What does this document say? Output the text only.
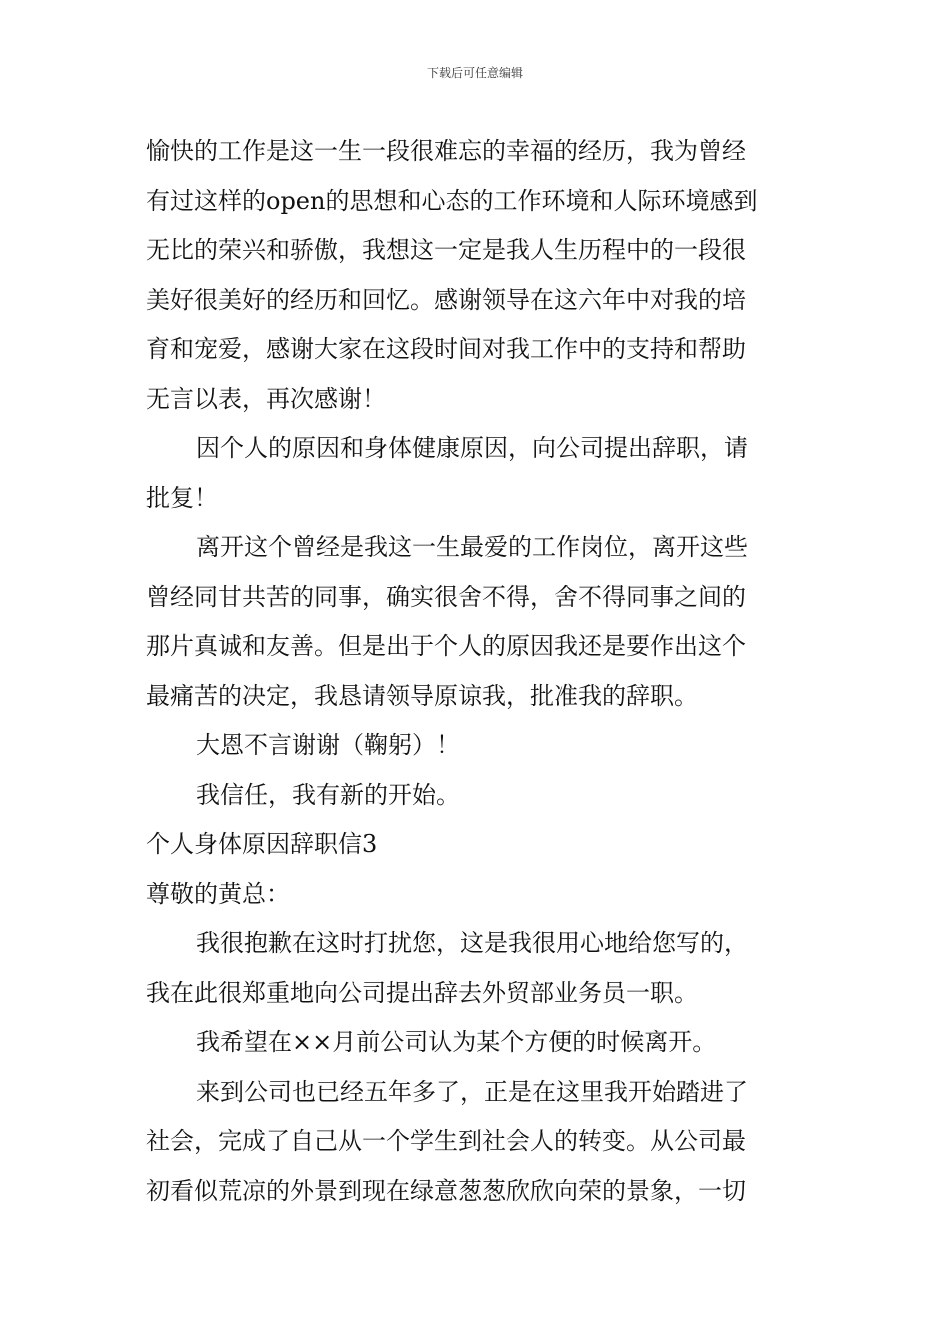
下载后可任意编辑

愉快的工作是这一生一段很难忘的幸福的经历，我为曾经
有过这样的open的思想和心态的工作环境和人际环境感到
无比的荣兴和骄傲，我想这一定是我人生历程中的一段很
美好很美好的经历和回忆。感谢领导在这六年中对我的培
育和宠爱，感谢大家在这段时间对我工作中的支持和帮助
无言以表，再次感谢！

因个人的原因和身体健康原因，向公司提出辞职，请
批复！

离开这个曾经是我这一生最爱的工作岗位，离开这些
曾经同甘共苦的同事，确实很舍不得，舍不得同事之间的
那片真诚和友善。但是出于个人的原因我还是要作出这个
最痛苦的决定，我恳请领导原谅我，批准我的辞职。

大恩不言谢谢（鞠躬）！

我信任，我有新的开始。

个人身体原因辞职信3

尊敬的黄总：

我很抱歉在这时打扰您，这是我很用心地给您写的，
我在此很郑重地向公司提出辞去外贸部业务员一职。

我希望在××月前公司认为某个方便的时候离开。

来到公司也已经五年多了，正是在这里我开始踏进了
社会，完成了自己从一个学生到社会人的转变。从公司最
初看似荒凉的外景到现在绿意葱葱欣欣向荣的景象，一切
